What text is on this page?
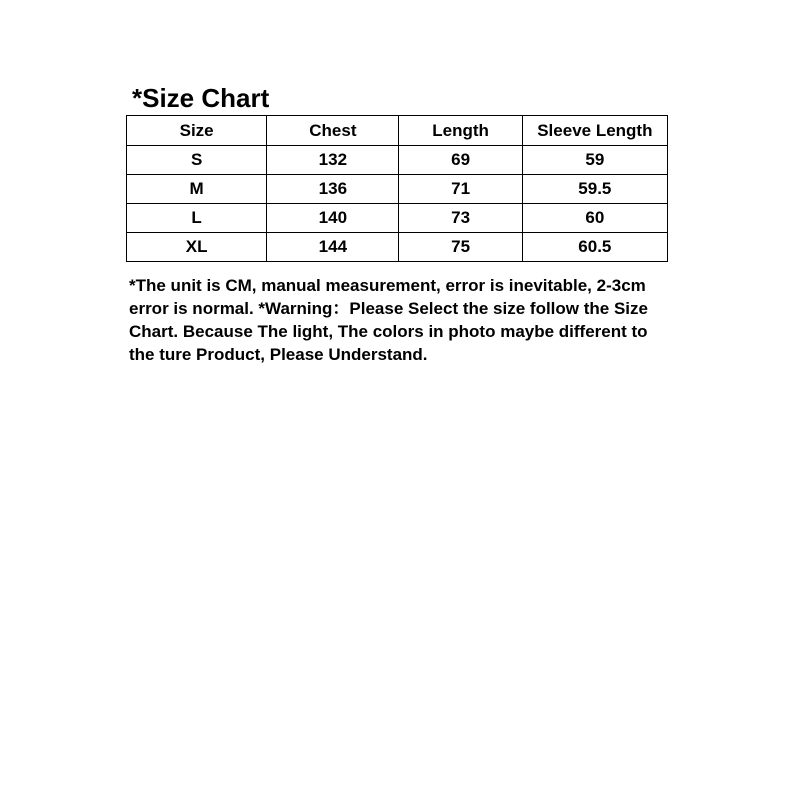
*Size Chart
Size	Chest	Length	Sleeve Length
S	132	69	59
M	136	71	59.5
L	140	73	60
XL	144	75	60.5

*The unit is CM, manual measurement, error is inevitable, 2-3cm error is normal. *Warning：Please Select the size follow the Size Chart. Because The light, The colors in photo maybe different to the ture Product, Please Understand.
